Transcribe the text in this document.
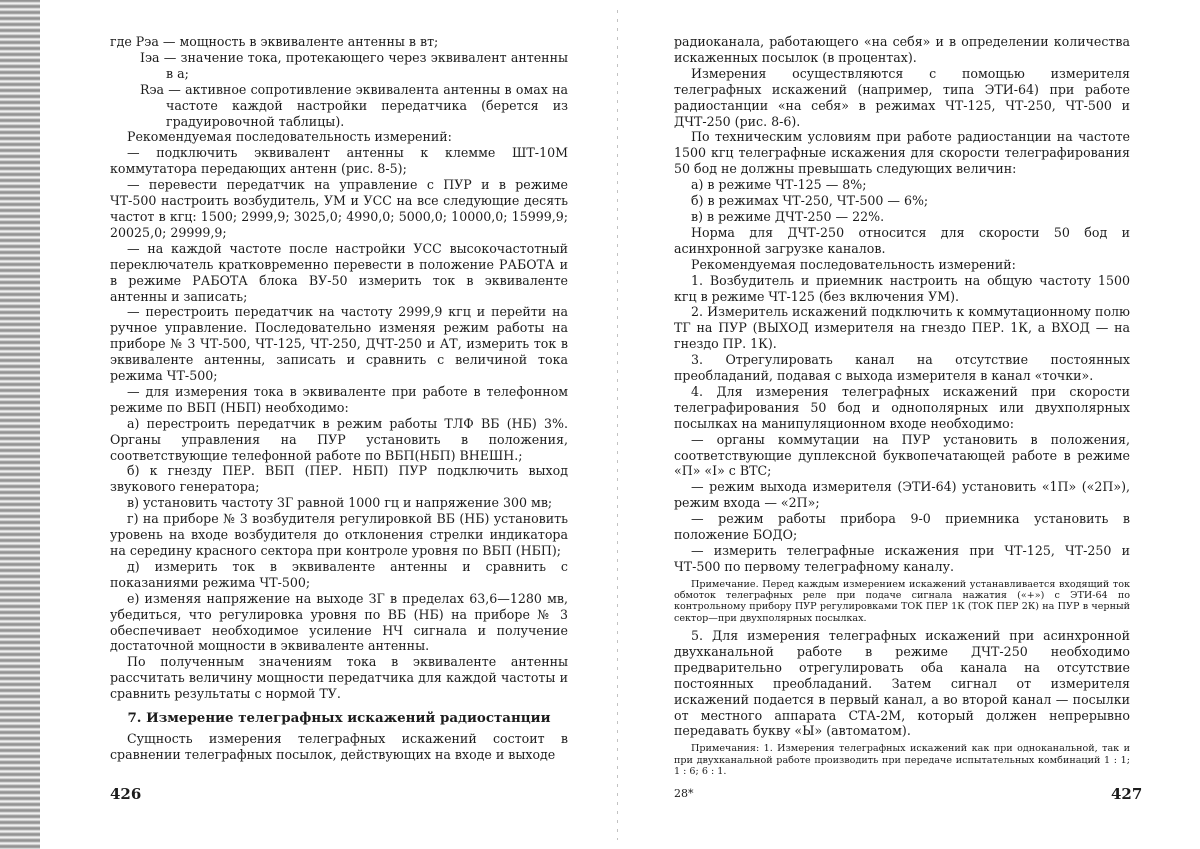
где Pэа — мощность в эквиваленте антенны в вт;

Iэа — значение тока, протекающего через эквивалент антенны в а;

Rэа — активное сопротивление эквивалента антенны в омах на частоте каждой настройки передатчика (берется из градуировочной таблицы).

Рекомендуемая последовательность измерений:

— подключить эквивалент антенны к клемме ШТ-10М коммутатора передающих антенн (рис. 8-5);

— перевести передатчик на управление с ПУР и в режиме ЧТ-500 настроить возбудитель, УМ и УСС на все следующие десять частот в кгц: 1500; 2999,9; 3025,0; 4990,0; 5000,0; 10000,0; 15999,9; 20025,0; 29999,9;

— на каждой частоте после настройки УСС высокочастотный переключатель кратковременно перевести в положение РАБОТА и в режиме РАБОТА блока ВУ-50 измерить ток в эквиваленте антенны и записать;

— перестроить передатчик на частоту 2999,9 кгц и перейти на ручное управление. Последовательно изменяя режим работы на приборе № 3 ЧТ-500, ЧТ-125, ЧТ-250, ДЧТ-250 и АТ, измерить ток в эквиваленте антенны, записать и сравнить с величиной тока режима ЧТ-500;

— для измерения тока в эквиваленте при работе в телефонном режиме по ВБП (НБП) необходимо:

а) перестроить передатчик в режим работы ТЛФ ВБ (НБ) 3%. Органы управления на ПУР установить в положения, соответствующие телефонной работе по ВБП(НБП) ВНЕШН.;

б) к гнезду ПЕР. ВБП (ПЕР. НБП) ПУР подключить выход звукового генератора;

в) установить частоту ЗГ равной 1000 гц и напряжение 300 мв;

г) на приборе № 3 возбудителя регулировкой ВБ (НБ) установить уровень на входе возбудителя до отклонения стрелки индикатора на середину красного сектора при контроле уровня по ВБП (НБП);

д) измерить ток в эквиваленте антенны и сравнить с показаниями режима ЧТ-500;

е) изменяя напряжение на выходе ЗГ в пределах 63,6—1280 мв, убедиться, что регулировка уровня по ВБ (НБ) на приборе № 3 обеспечивает необходимое усиление НЧ сигнала и получение достаточной мощности в эквиваленте антенны.

По полученным значениям тока в эквиваленте антенны рассчитать величину мощности передатчика для каждой частоты и сравнить результаты с нормой ТУ.

7. Измерение телеграфных искажений радиостанции

Сущность измерения телеграфных искажений состоит в сравнении телеграфных посылок, действующих на входе и выходе

426

радиоканала, работающего «на себя» и в определении количества искаженных посылок (в процентах).

Измерения осуществляются с помощью измерителя телеграфных искажений (например, типа ЭТИ-64) при работе радиостанции «на себя» в режимах ЧТ-125, ЧТ-250, ЧТ-500 и ДЧТ-250 (рис. 8-6).

По техническим условиям при работе радиостанции на частоте 1500 кгц телеграфные искажения для скорости телеграфирования 50 бод не должны превышать следующих величин:

а) в режиме ЧТ-125 — 8%;

б) в режимах ЧТ-250, ЧТ-500 — 6%;

в) в режиме ДЧТ-250 — 22%.

Норма для ДЧТ-250 относится для скорости 50 бод и асинхронной загрузке каналов.

Рекомендуемая последовательность измерений:

1. Возбудитель и приемник настроить на общую частоту 1500 кгц в режиме ЧТ-125 (без включения УМ).

2. Измеритель искажений подключить к коммутационному полю ТГ на ПУР (ВЫХОД измерителя на гнездо ПЕР. 1К, а ВХОД — на гнездо ПР. 1К).

3. Отрегулировать канал на отсутствие постоянных преобладаний, подавая с выхода измерителя в канал «точки».

4. Для измерения телеграфных искажений при скорости телеграфирования 50 бод и однополярных или двухполярных посылках на манипуляционном входе необходимо:

— органы коммутации на ПУР установить в положения, соответствующие дуплексной буквопечатающей работе в режиме «П» «I» с ВТС;

— режим выхода измерителя (ЭТИ-64) установить «1П» («2П»), режим входа — «2П»;

— режим работы прибора 9-0 приемника установить в положение БОДО;

— измерить телеграфные искажения при ЧТ-125, ЧТ-250 и ЧТ-500 по первому телеграфному каналу.

Примечание. Перед каждым измерением искажений устанавливается входящий ток обмоток телеграфных реле при подаче сигнала нажатия («+») с ЭТИ-64 по контрольному прибору ПУР регулировками ТОК ПЕР 1К (ТОК ПЕР 2К) на ПУР в черный сектор—при двухполярных посылках.

5. Для измерения телеграфных искажений при асинхронной двухканальной работе в режиме ДЧТ-250 необходимо предварительно отрегулировать оба канала на отсутствие постоянных преобладаний. Затем сигнал от измерителя искажений подается в первый канал, а во второй канал — посылки от местного аппарата СТА-2М, который должен непрерывно передавать букву «Ы» (автоматом).

Примечания: 1. Измерения телеграфных искажений как при одноканальной, так и при двухканальной работе производить при передаче испытательных комбинаций 1 : 1; 1 : 6; 6 : 1.

28*	427
